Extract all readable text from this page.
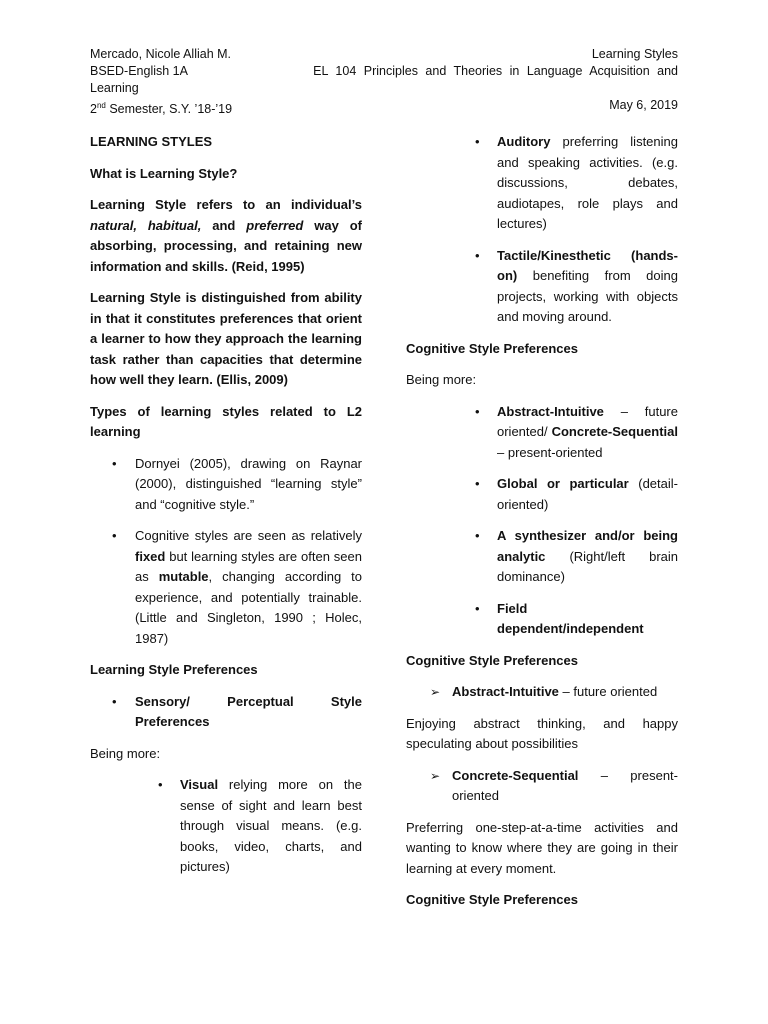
Mercado, Nicole Alliah M.	Learning Styles
BSED-English 1A	EL 104 Principles and Theories in Language Acquisition and
Learning
2nd Semester, S.Y. ’18-’19	May 6, 2019

LEARNING STYLES

What is Learning Style?

Learning Style refers to an individual’s natural, habitual, and preferred way of absorbing, processing, and retaining new information and skills. (Reid, 1995)

Learning Style is distinguished from ability in that it constitutes preferences that orient a learner to how they approach the learning task rather than capacities that determine how well they learn. (Ellis, 2009)

Types of learning styles related to L2 learning

• Dornyei (2005), drawing on Raynar (2000), distinguished “learning style” and “cognitive style.”

• Cognitive styles are seen as relatively fixed but learning styles are often seen as mutable, changing according to experience, and potentially trainable. (Little and Singleton, 1990 ; Holec, 1987)

Learning Style Preferences

• Sensory/ Perceptual Style Preferences

Being more:

• Visual relying more on the sense of sight and learn best through visual means. (e.g. books, video, charts, and pictures)

• Auditory preferring listening and speaking activities. (e.g. discussions, debates, audiotapes, role plays and lectures)

• Tactile/Kinesthetic (hands-on) benefiting from doing projects, working with objects and moving around.

Cognitive Style Preferences

Being more:

• Abstract-Intuitive – future oriented/ Concrete-Sequential – present-oriented

• Global or particular (detail-oriented)

• A synthesizer and/or being analytic (Right/left brain dominance)

• Field dependent/independent

Cognitive Style Preferences

➢ Abstract-Intuitive – future oriented

Enjoying abstract thinking, and happy speculating about possibilities

➢ Concrete-Sequential – present-oriented

Preferring one-step-at-a-time activities and wanting to know where they are going in their learning at every moment.

Cognitive Style Preferences
